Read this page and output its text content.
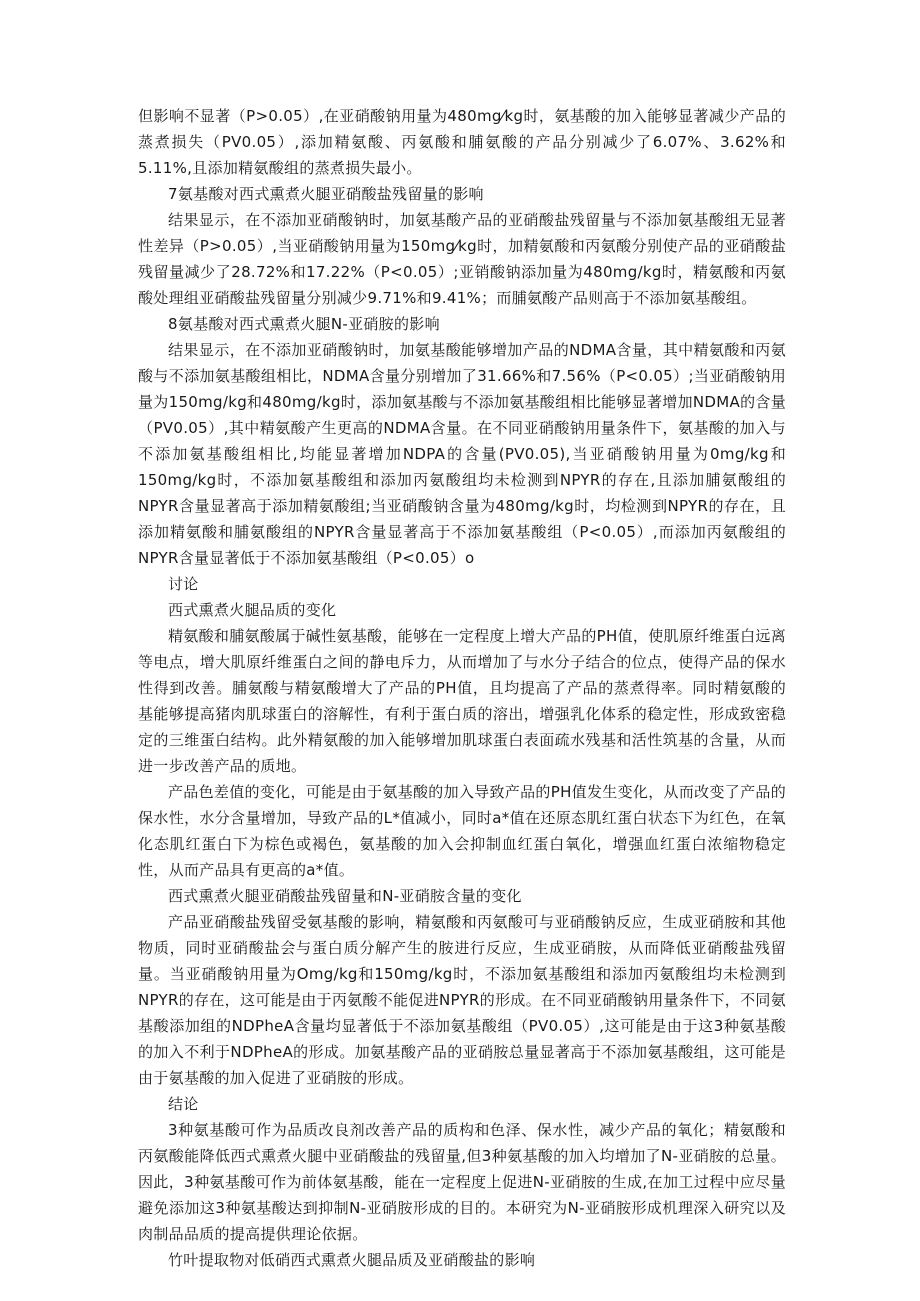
但影响不显著（P>0.05）,在亚硝酸钠用量为480mg⁄kg时，氨基酸的加入能够显著减少产品的蒸煮损失（PV0.05）,添加精氨酸、丙氨酸和脯氨酸的产品分别减少了6.07%、3.62%和5.11%,且添加精氨酸组的蒸煮损失最小。

7氨基酸对西式熏煮火腿亚硝酸盐残留量的影响

结果显示，在不添加亚硝酸钠时，加氨基酸产品的亚硝酸盐残留量与不添加氨基酸组无显著性差异（P>0.05）,当亚硝酸钠用量为150mg⁄kg时，加精氨酸和丙氨酸分别使产品的亚硝酸盐残留量减少了28.72%和17.22%（P<0.05）;亚销酸钠添加量为480mg/kg时，精氨酸和丙氨酸处理组亚硝酸盐残留量分别减少9.71%和9.41%；而脯氨酸产品则高于不添加氨基酸组。

8氨基酸对西式熏煮火腿N-亚硝胺的影响

结果显示，在不添加亚硝酸钠时，加氨基酸能够增加产品的NDMA含量，其中精氨酸和丙氨酸与不添加氨基酸组相比，NDMA含量分别增加了31.66%和7.56%（P<0.05）;当亚硝酸钠用量为150mg/kg和480mg/kg时，添加氨基酸与不添加氨基酸组相比能够显著增加NDMA的含量（PV0.05）,其中精氨酸产生更高的NDMA含量。在不同亚硝酸钠用量条件下，氨基酸的加入与不添加氨基酸组相比,均能显著增加NDPA的含量(PV0.05),当亚硝酸钠用量为0mg/kg和150mg/kg时，不添加氨基酸组和添加丙氨酸组均未检测到NPYR的存在,且添加脯氨酸组的NPYR含量显著高于添加精氨酸组;当亚硝酸钠含量为480mg/kg时，均检测到NPYR的存在，且添加精氨酸和脯氨酸组的NPYR含量显著高于不添加氨基酸组（P<0.05）,而添加丙氨酸组的NPYR含量显著低于不添加氨基酸组（P<0.05）o

讨论

西式熏煮火腿品质的变化

精氨酸和脯氨酸属于碱性氨基酸，能够在一定程度上增大产品的PH值，使肌原纤维蛋白远离等电点，增大肌原纤维蛋白之间的静电斥力，从而增加了与水分子结合的位点，使得产品的保水性得到改善。脯氨酸与精氨酸增大了产品的PH值，且均提高了产品的蒸煮得率。同时精氨酸的基能够提高猪肉肌球蛋白的溶解性，有利于蛋白质的溶出，增强乳化体系的稳定性，形成致密稳定的三维蛋白结构。此外精氨酸的加入能够增加肌球蛋白表面疏水残基和活性筑基的含量，从而进一步改善产品的质地。

产品色差值的变化，可能是由于氨基酸的加入导致产品的PH值发生变化，从而改变了产品的保水性，水分含量增加，导致产品的L*值减小，同时a*值在还原态肌红蛋白状态下为红色，在氧化态肌红蛋白下为棕色或褐色，氨基酸的加入会抑制血红蛋白氧化，增强血红蛋白浓缩物稳定性，从而产品具有更高的a*值。

西式熏煮火腿亚硝酸盐残留量和N-亚硝胺含量的变化

产品亚硝酸盐残留受氨基酸的影响，精氨酸和丙氨酸可与亚硝酸钠反应，生成亚硝胺和其他物质，同时亚硝酸盐会与蛋白质分解产生的胺进行反应，生成亚硝胺，从而降低亚硝酸盐残留量。当亚硝酸钠用量为Omg/kg和150mg/kg时，不添加氨基酸组和添加丙氨酸组均未检测到NPYR的存在，这可能是由于丙氨酸不能促进NPYR的形成。在不同亚硝酸钠用量条件下，不同氨基酸添加组的NDPheA含量均显著低于不添加氨基酸组（PV0.05）,这可能是由于这3种氨基酸的加入不利于NDPheA的形成。加氨基酸产品的亚硝胺总量显著高于不添加氨基酸组，这可能是由于氨基酸的加入促进了亚硝胺的形成。

结论

3种氨基酸可作为品质改良剂改善产品的质构和色泽、保水性，减少产品的氧化；精氨酸和丙氨酸能降低西式熏煮火腿中亚硝酸盐的残留量,但3种氨基酸的加入均增加了N-亚硝胺的总量。因此，3种氨基酸可作为前体氨基酸，能在一定程度上促进N-亚硝胺的生成,在加工过程中应尽量避免添加这3种氨基酸达到抑制N-亚硝胺形成的目的。本研究为N-亚硝胺形成机理深入研究以及肉制品品质的提高提供理论依据。

竹叶提取物对低硝西式熏煮火腿品质及亚硝酸盐的影响
